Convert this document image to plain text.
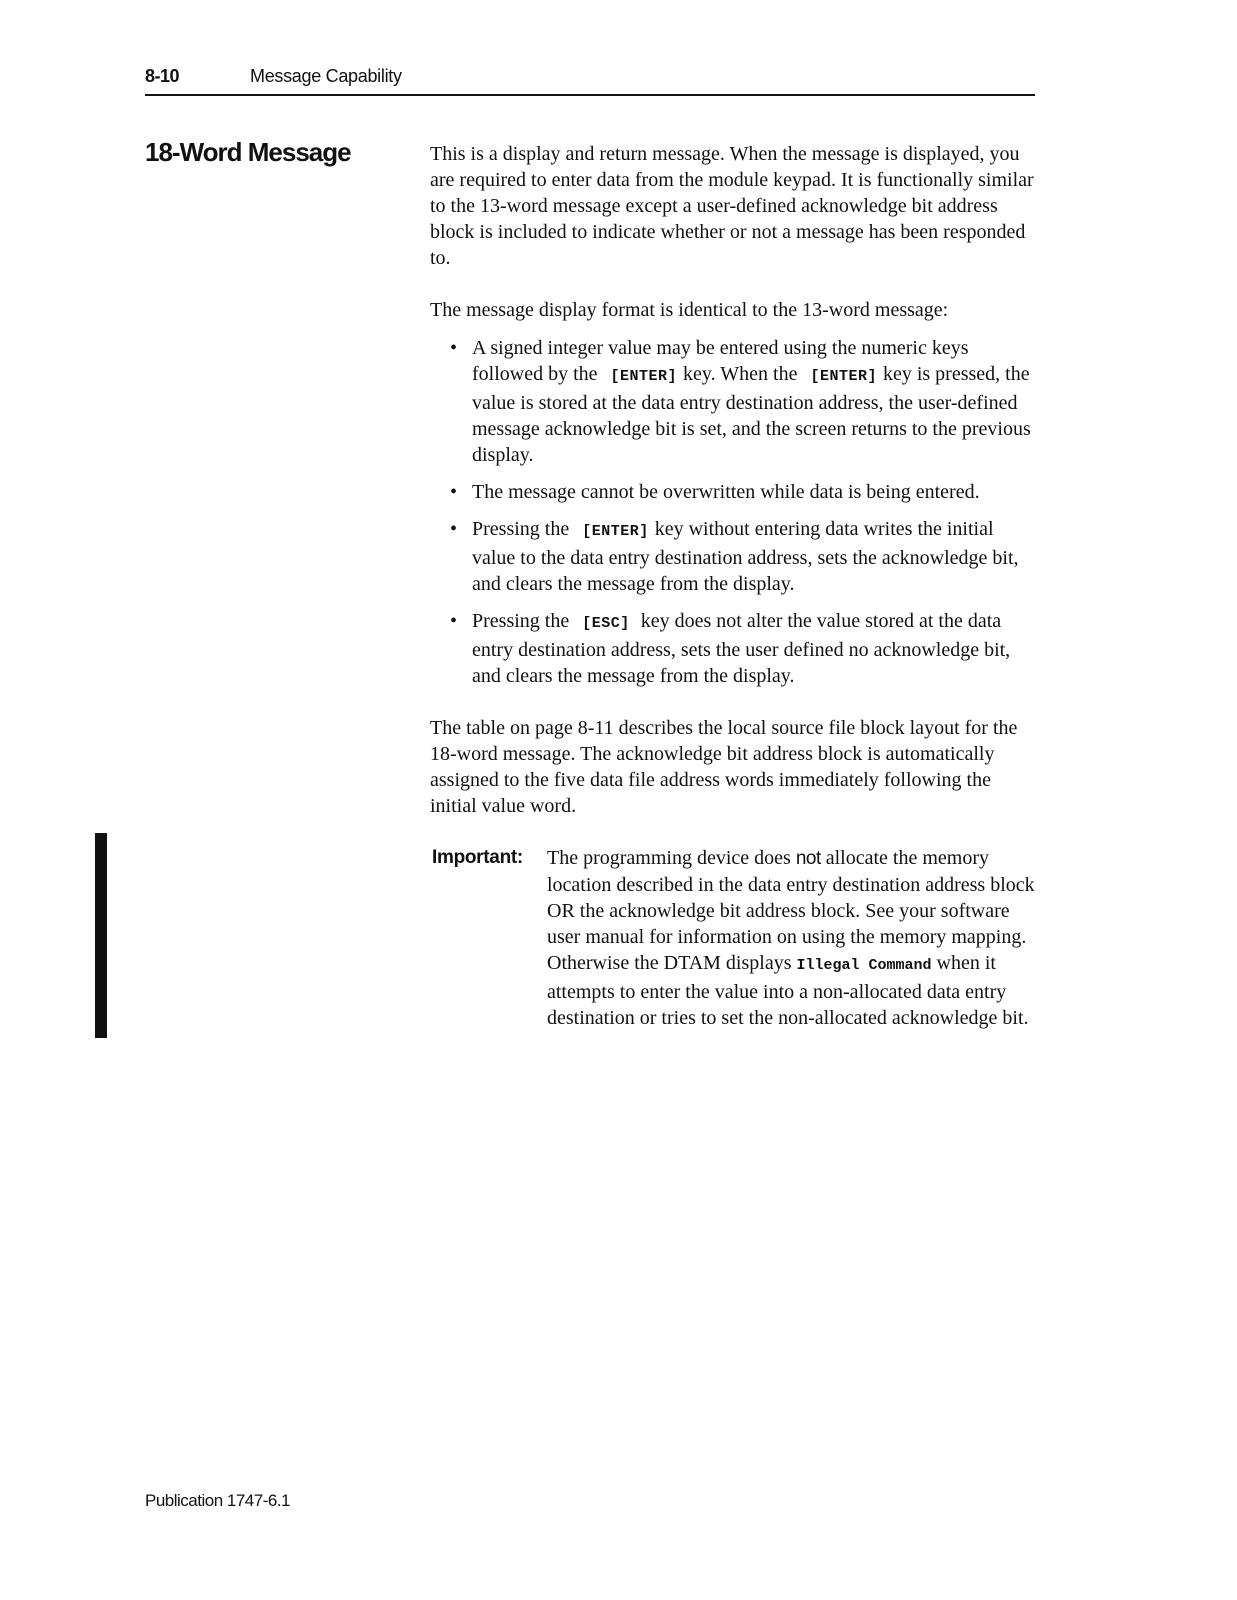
8-10	Message Capability
18-Word Message	This is a display and return message. When the message is displayed, you are required to enter data from the module keypad. It is functionally similar to the 13-word message except a user-defined acknowledge bit address block is included to indicate whether or not a message has been responded to.

The message display format is identical to the 13-word message:

• A signed integer value may be entered using the numeric keys followed by the [ENTER] key. When the [ENTER] key is pressed, the value is stored at the data entry destination address, the user-defined message acknowledge bit is set, and the screen returns to the previous display.
• The message cannot be overwritten while data is being entered.
• Pressing the [ENTER] key without entering data writes the initial value to the data entry destination address, sets the acknowledge bit, and clears the message from the display.
• Pressing the [ESC] key does not alter the value stored at the data entry destination address, sets the user defined no acknowledge bit, and clears the message from the display.

The table on page 8-11 describes the local source file block layout for the 18-word message. The acknowledge bit address block is automatically assigned to the five data file address words immediately following the initial value word.

Important: The programming device does not allocate the memory location described in the data entry destination address block OR the acknowledge bit address block. See your software user manual for information on using the memory mapping. Otherwise the DTAM displays Illegal Command when it attempts to enter the value into a non-allocated data entry destination or tries to set the non-allocated acknowledge bit.
Publication 1747-6.1
